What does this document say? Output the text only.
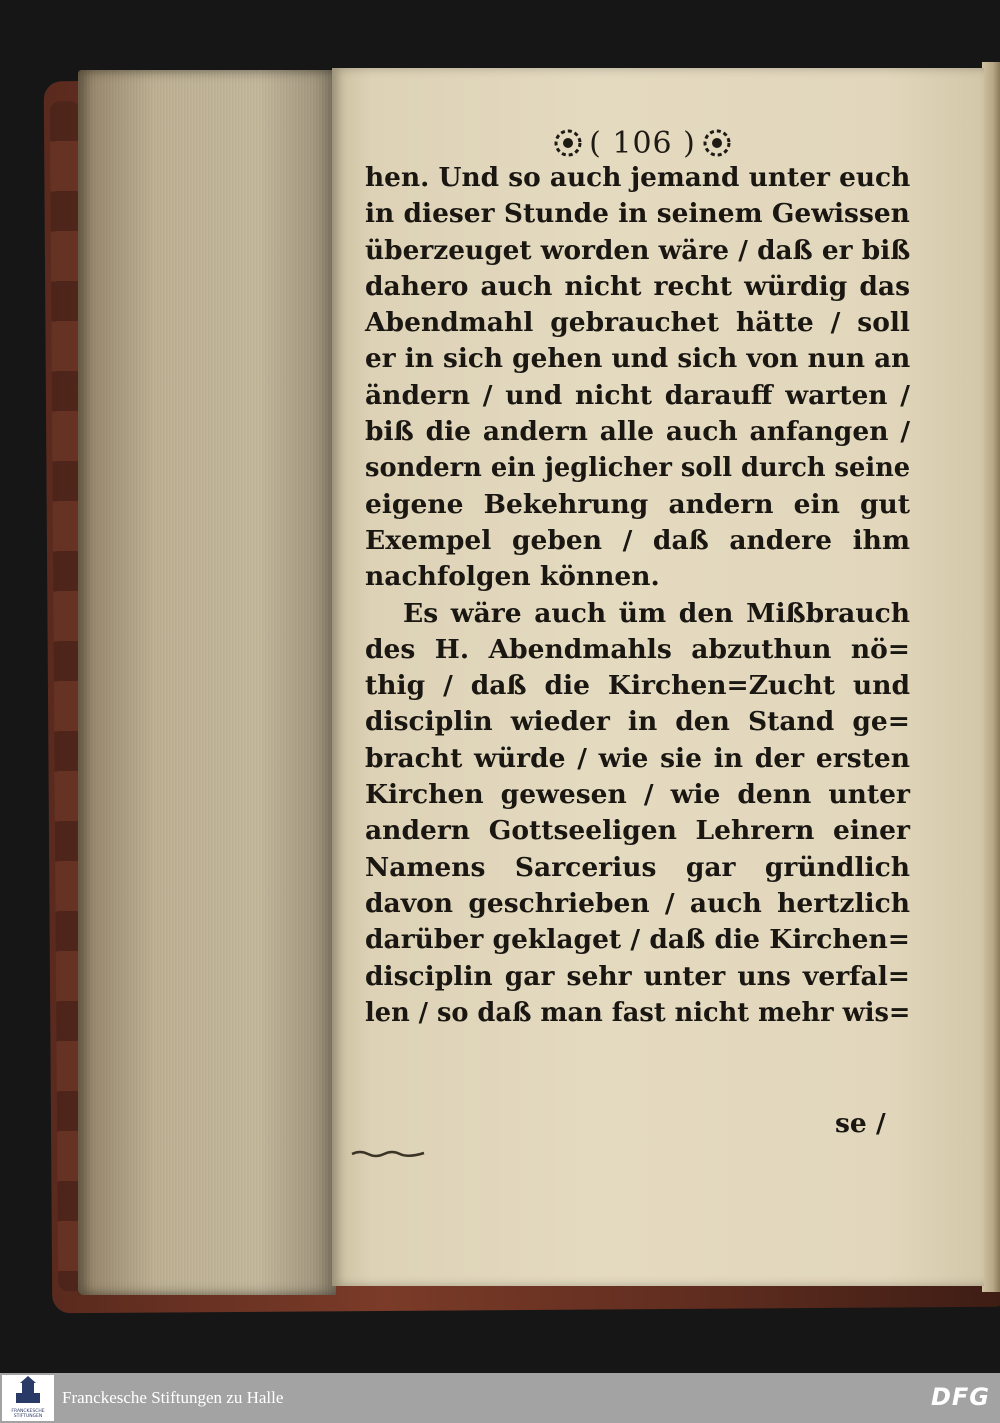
( 106 )
hen. Und so auch jemand unter euch
in dieser Stunde in seinem Gewissen
überzeuget worden wäre / daß er biß
dahero auch nicht recht würdig das
Abendmahl gebrauchet hätte / soll
er in sich gehen und sich von nun an
ändern / und nicht darauff warten /
biß die andern alle auch anfangen /
sondern ein jeglicher soll durch seine
eigene Bekehrung andern ein gut
Exempel geben / daß andere ihm
nachfolgen können.
Es wäre auch üm den Mißbrauch
des H. Abendmahls abzuthun nö=
thig / daß die Kirchen=Zucht und
disciplin wieder in den Stand ge=
bracht würde / wie sie in der ersten
Kirchen gewesen / wie denn unter
andern Gottseeligen Lehrern einer
Namens Sarcerius gar gründlich
davon geschrieben / auch hertzlich
darüber geklaget / daß die Kirchen=
disciplin gar sehr unter uns verfal=
len / so daß man fast nicht mehr wis=
se /
FRANCKESCHE STIFTUNGEN
Franckesche Stiftungen zu Halle	DFG
